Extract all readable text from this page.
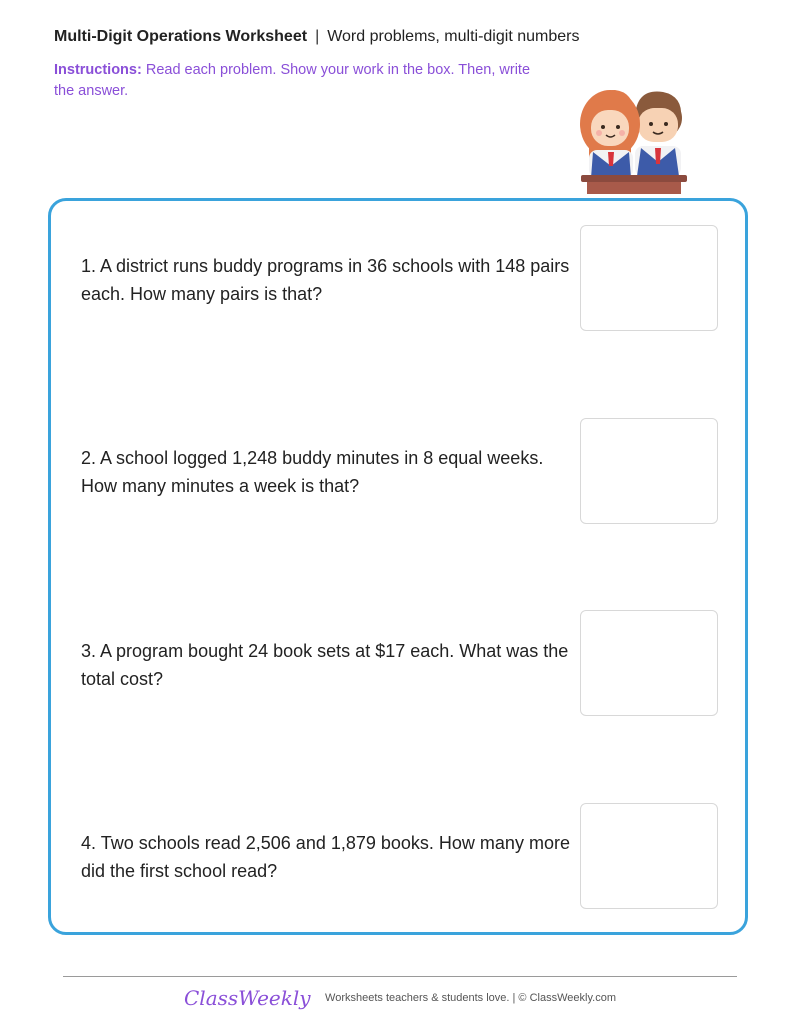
Multi-Digit Operations Worksheet | Word problems, multi-digit numbers
Instructions: Read each problem. Show your work in the box. Then, write the answer.
1. A district runs buddy programs in 36 schools with 148 pairs each. How many pairs is that?
2. A school logged 1,248 buddy minutes in 8 equal weeks. How many minutes a week is that?
3. A program bought 24 book sets at $17 each. What was the total cost?
4. Two schools read 2,506 and 1,879 books. How many more did the first school read?
ClassWeekly Worksheets teachers & students love. | © ClassWeekly.com
